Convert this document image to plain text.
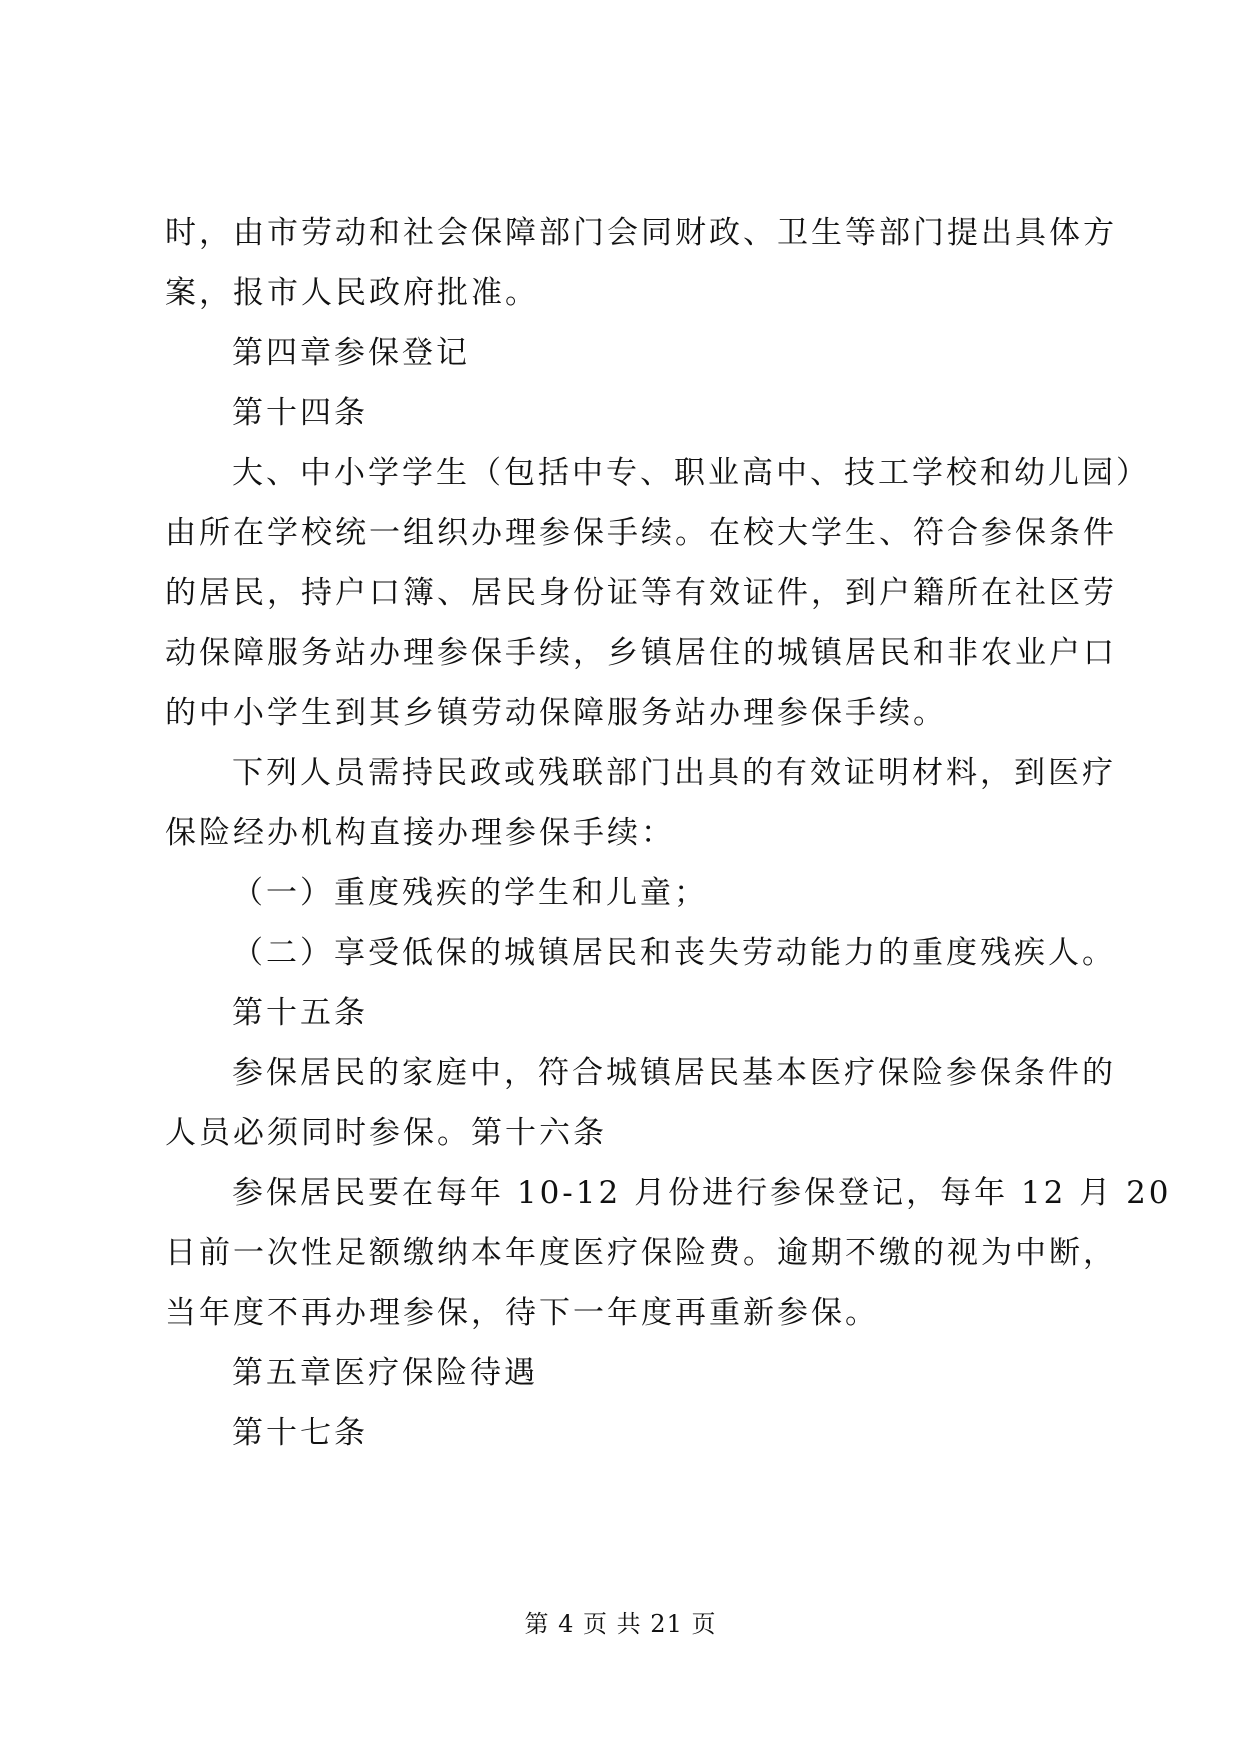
时，由市劳动和社会保障部门会同财政、卫生等部门提出具体方

案，报市人民政府批准。

第四章参保登记

第十四条

大、中小学学生（包括中专、职业高中、技工学校和幼儿园）

由所在学校统一组织办理参保手续。在校大学生、符合参保条件

的居民，持户口簿、居民身份证等有效证件，到户籍所在社区劳

动保障服务站办理参保手续，乡镇居住的城镇居民和非农业户口

的中小学生到其乡镇劳动保障服务站办理参保手续。

下列人员需持民政或残联部门出具的有效证明材料，到医疗

保险经办机构直接办理参保手续：

（一）重度残疾的学生和儿童；

（二）享受低保的城镇居民和丧失劳动能力的重度残疾人。

第十五条

参保居民的家庭中，符合城镇居民基本医疗保险参保条件的

人员必须同时参保。第十六条

参保居民要在每年 10-12 月份进行参保登记，每年 12 月 20

日前一次性足额缴纳本年度医疗保险费。逾期不缴的视为中断，

当年度不再办理参保，待下一年度再重新参保。

第五章医疗保险待遇

第十七条

第 4 页 共 21 页
